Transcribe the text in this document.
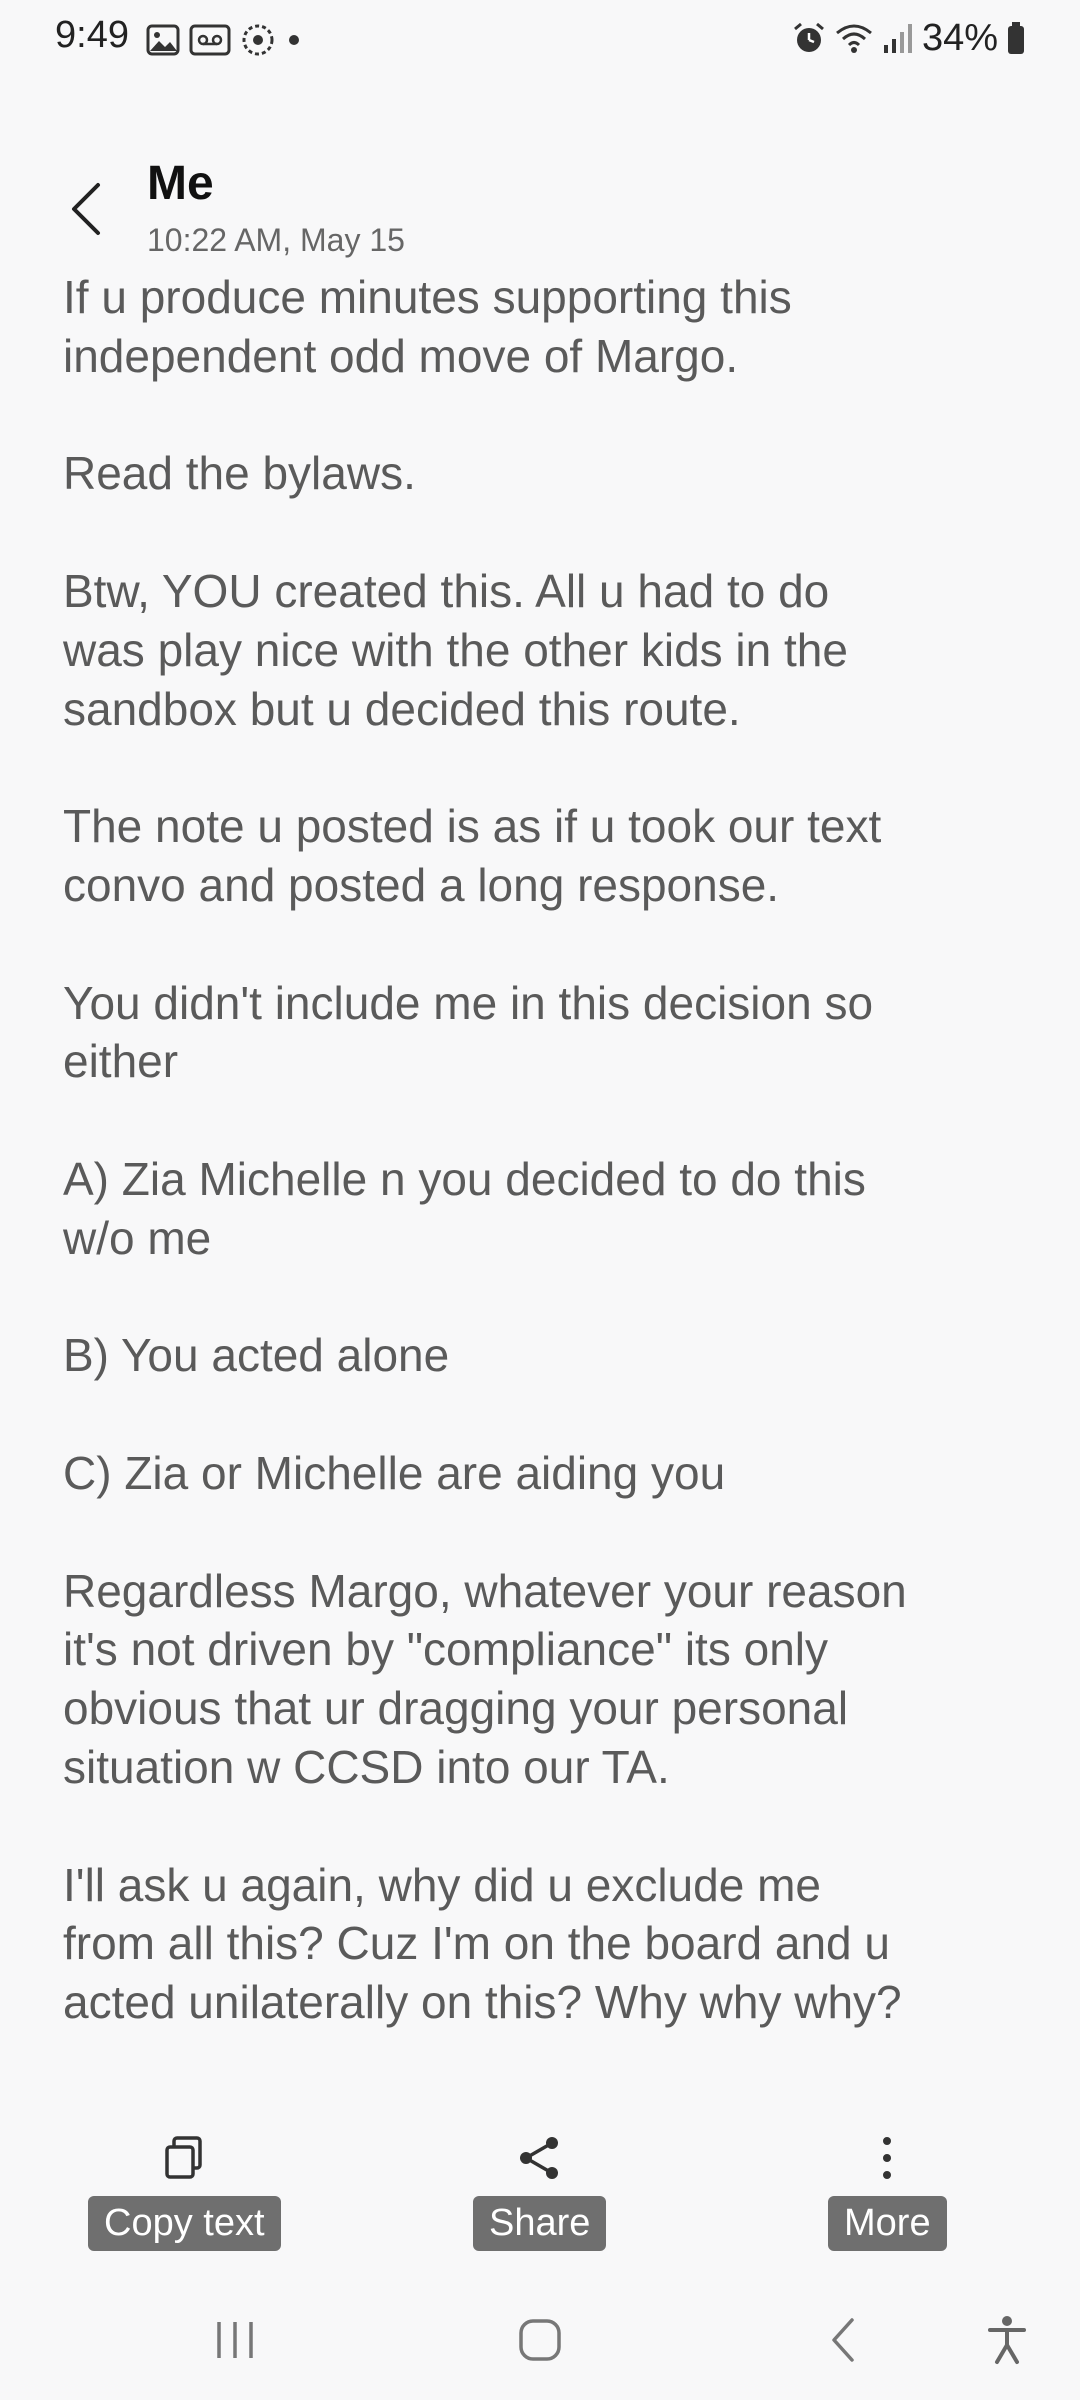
9:49	34%
Me
10:22 AM, May 15

If u produce minutes supporting this
independent odd move of Margo.

Read the bylaws.

Btw, YOU created this. All u had to do
was play nice with the other kids in the
sandbox but u decided this route.

The note u posted is as if u took our text
convo and posted a long response.

You didn't include me in this decision so
either

A) Zia Michelle n you decided to do this
w/o me

B) You acted alone

C) Zia or Michelle are aiding you

Regardless Margo, whatever your reason
it's not driven by "compliance" its only
obvious that ur dragging your personal
situation w CCSD into our TA.

I'll ask u again, why did u exclude me
from all this? Cuz I'm on the board and u
acted unilaterally on this? Why why why?

Copy text	Share	More
